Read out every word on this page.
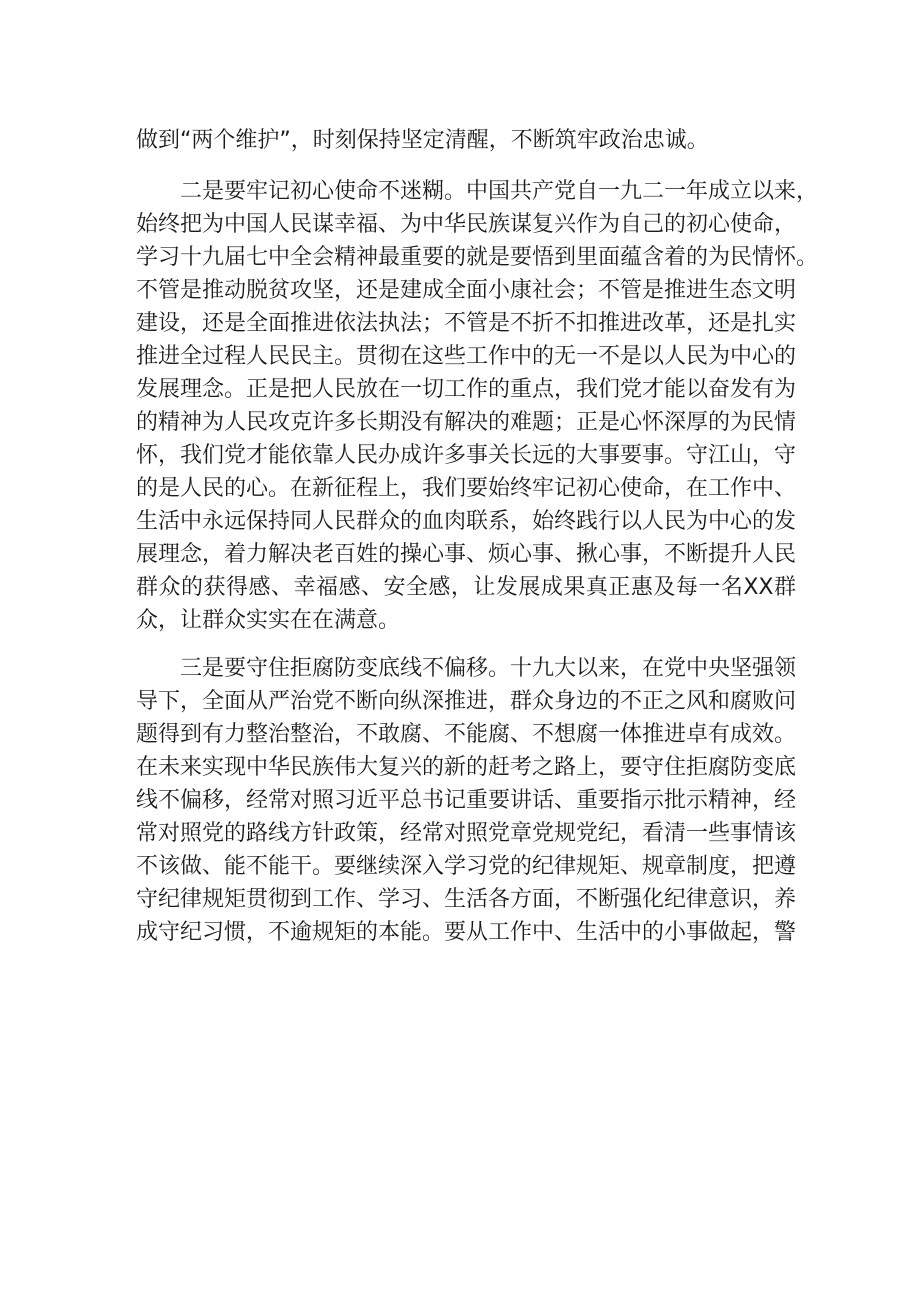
做到“两个维护”，时刻保持坚定清醒，不断筑牢政治忠诚。
二是要牢记初心使命不迷糊。中国共产党自一九二一年成立以来，
始终把为中国人民谋幸福、为中华民族谋复兴作为自己的初心使命，
学习十九届七中全会精神最重要的就是要悟到里面蕴含着的为民情怀。
不管是推动脱贫攻坚，还是建成全面小康社会；不管是推进生态文明
建设，还是全面推进依法执法；不管是不折不扣推进改革，还是扎实
推进全过程人民民主。贯彻在这些工作中的无一不是以人民为中心的
发展理念。正是把人民放在一切工作的重点，我们党才能以奋发有为
的精神为人民攻克许多长期没有解决的难题；正是心怀深厚的为民情
怀，我们党才能依靠人民办成许多事关长远的大事要事。守江山，守
的是人民的心。在新征程上，我们要始终牢记初心使命，在工作中、
生活中永远保持同人民群众的血肉联系，始终践行以人民为中心的发
展理念，着力解决老百姓的操心事、烦心事、揪心事，不断提升人民
群众的获得感、幸福感、安全感，让发展成果真正惠及每一名XX群
众，让群众实实在在满意。
三是要守住拒腐防变底线不偏移。十九大以来，在党中央坚强领
导下，全面从严治党不断向纵深推进，群众身边的不正之风和腐败问
题得到有力整治整治，不敢腐、不能腐、不想腐一体推进卓有成效。
在未来实现中华民族伟大复兴的新的赶考之路上，要守住拒腐防变底
线不偏移，经常对照习近平总书记重要讲话、重要指示批示精神，经
常对照党的路线方针政策，经常对照党章党规党纪，看清一些事情该
不该做、能不能干。要继续深入学习党的纪律规矩、规章制度，把遵
守纪律规矩贯彻到工作、学习、生活各方面，不断强化纪律意识，养
成守纪习惯，不逾规矩的本能。要从工作中、生活中的小事做起，警
